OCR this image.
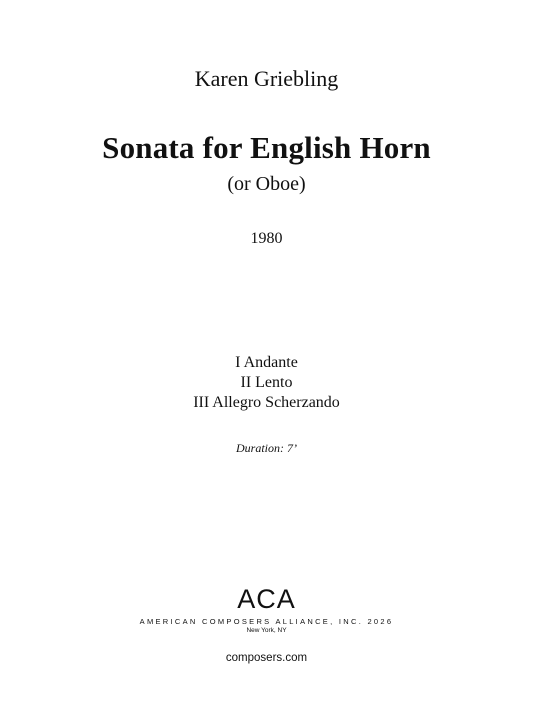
Karen Griebling
Sonata for English Horn
(or Oboe)
1980
I Andante
II Lento
III Allegro Scherzando
Duration: 7’
ACA
AMERICAN COMPOSERS ALLIANCE, INC. 2026
New York, NY
composers.com
